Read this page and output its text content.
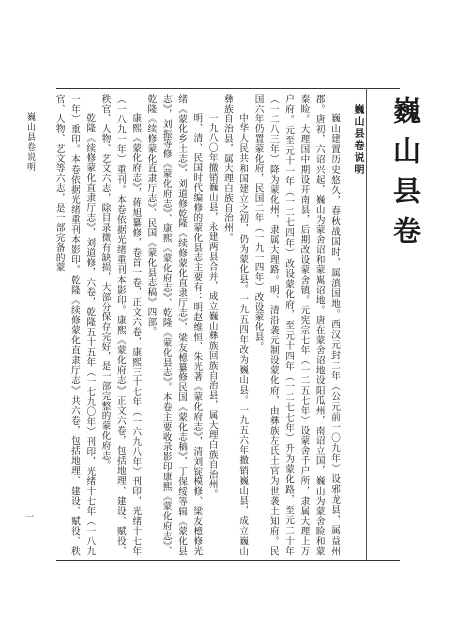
巍山县卷说明
一
巍山县卷
巍山县卷说明

巍山建置历史悠久，春秋战国时，属滇国地。西汉元封二年（公元前一〇九年）设邪龙县，属益州郡。唐初，六诏兴起，巍山为蒙舍诏和蒙嶲诏地。唐在蒙舍诏地设阳瓜州，南诏立国，巍山为蒙舍睑和蒙秦睑。大理国中期设开南县，后期改设蒙舍镇。元宪宗七年（一二五七年）设蒙舍千户所，隶属大理上万户府。元至元十一年（一二七四年）改设蒙化府，至元十四年（一二七七年）升为蒙化路，至元二十年（一二八三年）降为蒙化州，隶属大理路。明、清沿袭元制设蒙化府，由彝族左氏土官为世袭土知府。民国六年仍置蒙化府，民国二年（一九一四年）改设蒙化县。

中华人民共和国建立之初，仍为蒙化县。一九五四年改为巍山县。一九五六年撤销巍山县，成立巍山彝族自治县，属大理白族自治州。

一九八〇年撤销巍山县，永建两县合并，成立巍山彝族回族自治县，属大理白族自治州。

明、清、民国时代编修的蒙化县志主要有：明赵维恒、朱光著《蒙化府志》，清刘锭模修、梁友檍修光绪《蒙化乡土志》，刘道修乾隆《续修蒙化直隶厅志》，梁友檍纂修民国《蒙化志稿》，丁保绥等辑《蒙化县志》，刘振等修《蒙化府志》、康熙《蒙化府志》、乾隆《蒙化县志》。本卷主要收录影印康熙《蒙化府志》、乾隆《续修蒙化直隶厅志》、民国《蒙化县志稿》四部。

康熙《蒙化府志》，蒋旭纂修，卷首一卷，正文六卷，康熙三十七年（一六九八年）刊印，光绪十七年（一八九一年）重刊。本卷依据光绪重刊本影印。康熙《蒙化府志》正文六卷，包括地理、建设、赋役、秩官、人物、艺文六志，除目录微有缺损，大部分保存完好，是一部完整的蒙化府志。

乾隆《续修蒙化直隶厅志》，刘道修，六卷，乾隆五十五年（一七九〇年）刊印，光绪十七年（一八九一年）重印。本卷依据光绪重刊本影印。乾隆《续修蒙化直隶厅志》共六卷，包括地理、建设、赋役、秩官、人物、艺文等六志，是一部完备的蒙
